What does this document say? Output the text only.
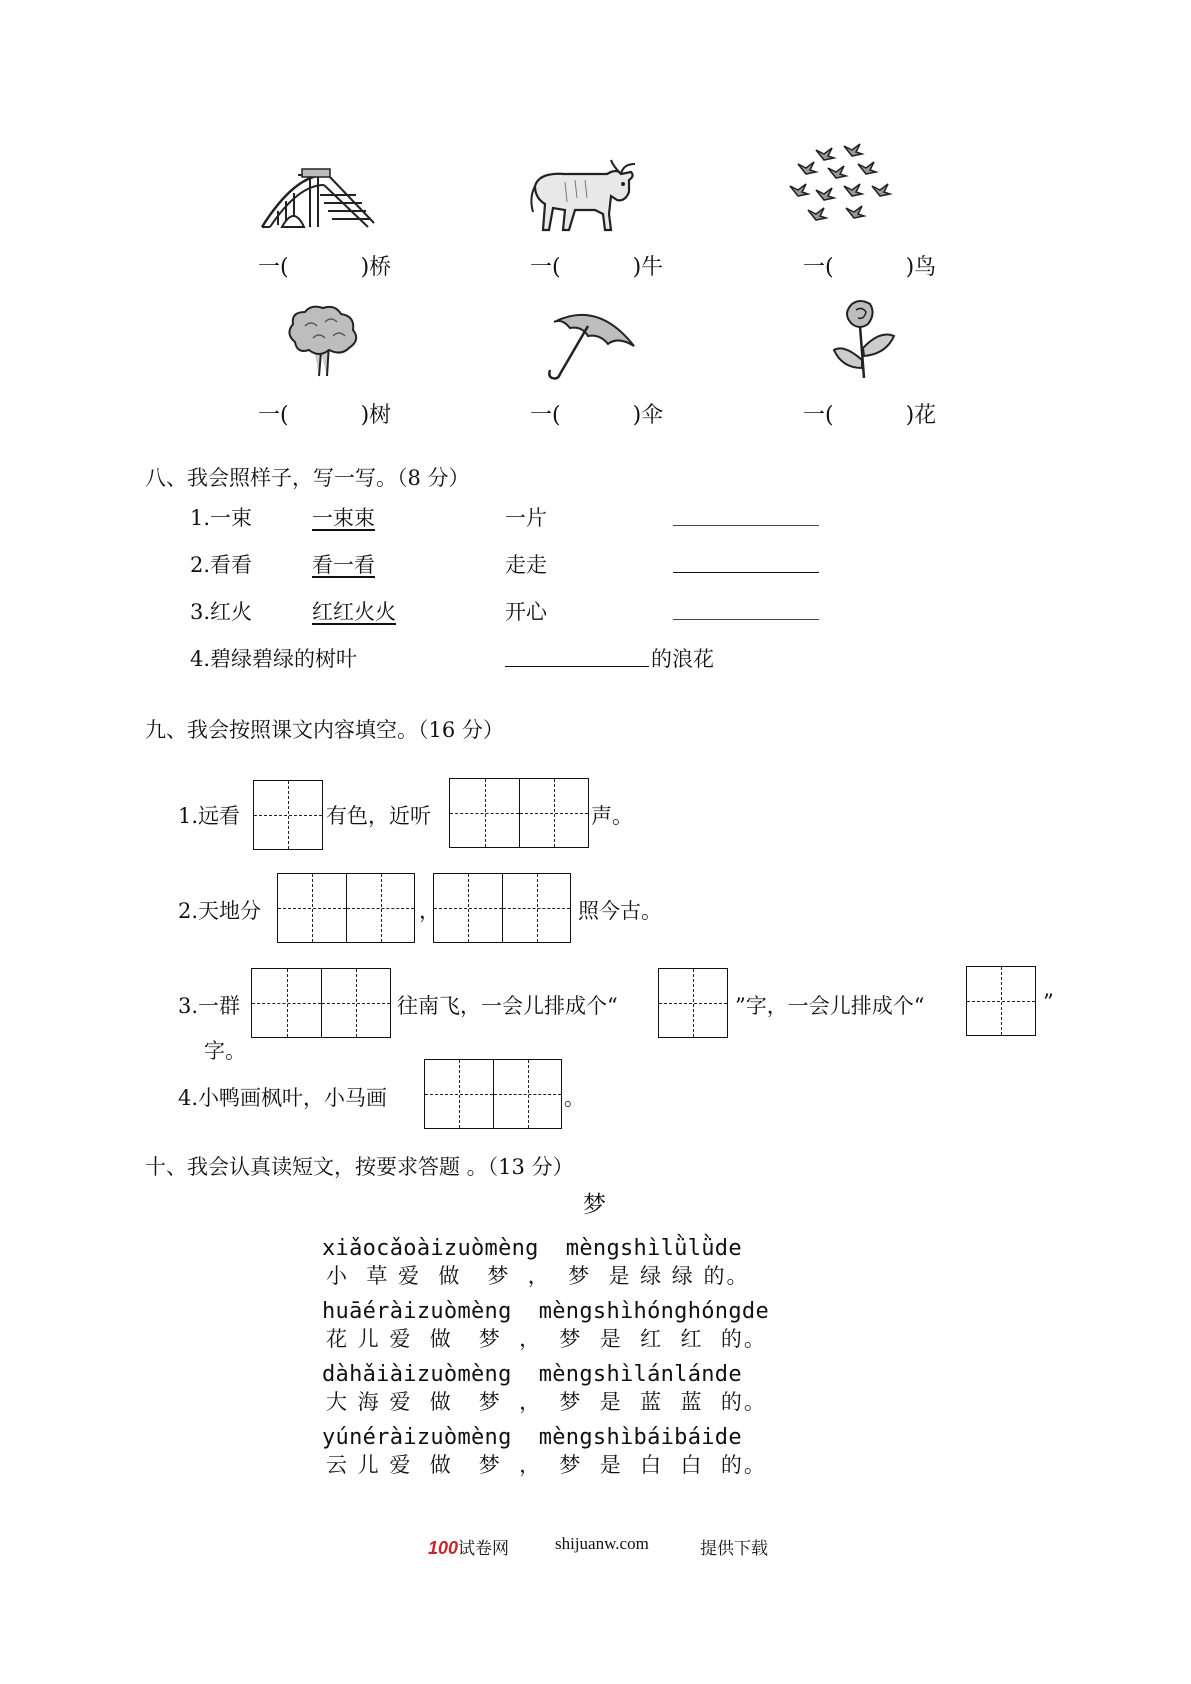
一(	)桥	一(	)牛	一(	)鸟
一(	)树	一(	)伞	一(	)花
八、我会照样子，写一写。（8 分）
1.一束	一束束	一片
2.看看	看一看	走走
3.红火	红红火火	开心
4.碧绿碧绿的树叶	的浪花
九、我会按照课文内容填空。（16 分）
1.远看	有色，近听	声。
2.天地分	，	照今古。
3.一群	往南飞，一会儿排成个“	”字，一会儿排成个“	”
字。
4.小鸭画枫叶，小马画	。
十、我会认真读短文，按要求答题 。（13 分）
梦
xiǎocǎoàizuòmèng  mèngshìlǜlǜde
小  草 爱  做   梦  ，  梦  是 绿 绿 的。
huāéràizuòmèng  mèngshìhónghóngde
花 儿 爱  做   梦  ，  梦  是  红  红  的。
dàhǎiàizuòmèng  mèngshìlánlánde
大 海 爱  做   梦  ，  梦  是  蓝  蓝  的。
yúnéràizuòmèng  mèngshìbáibáide
云 儿 爱  做   梦  ，  梦  是  白  白  的。
100试卷网	shijuanw.com	提供下载
